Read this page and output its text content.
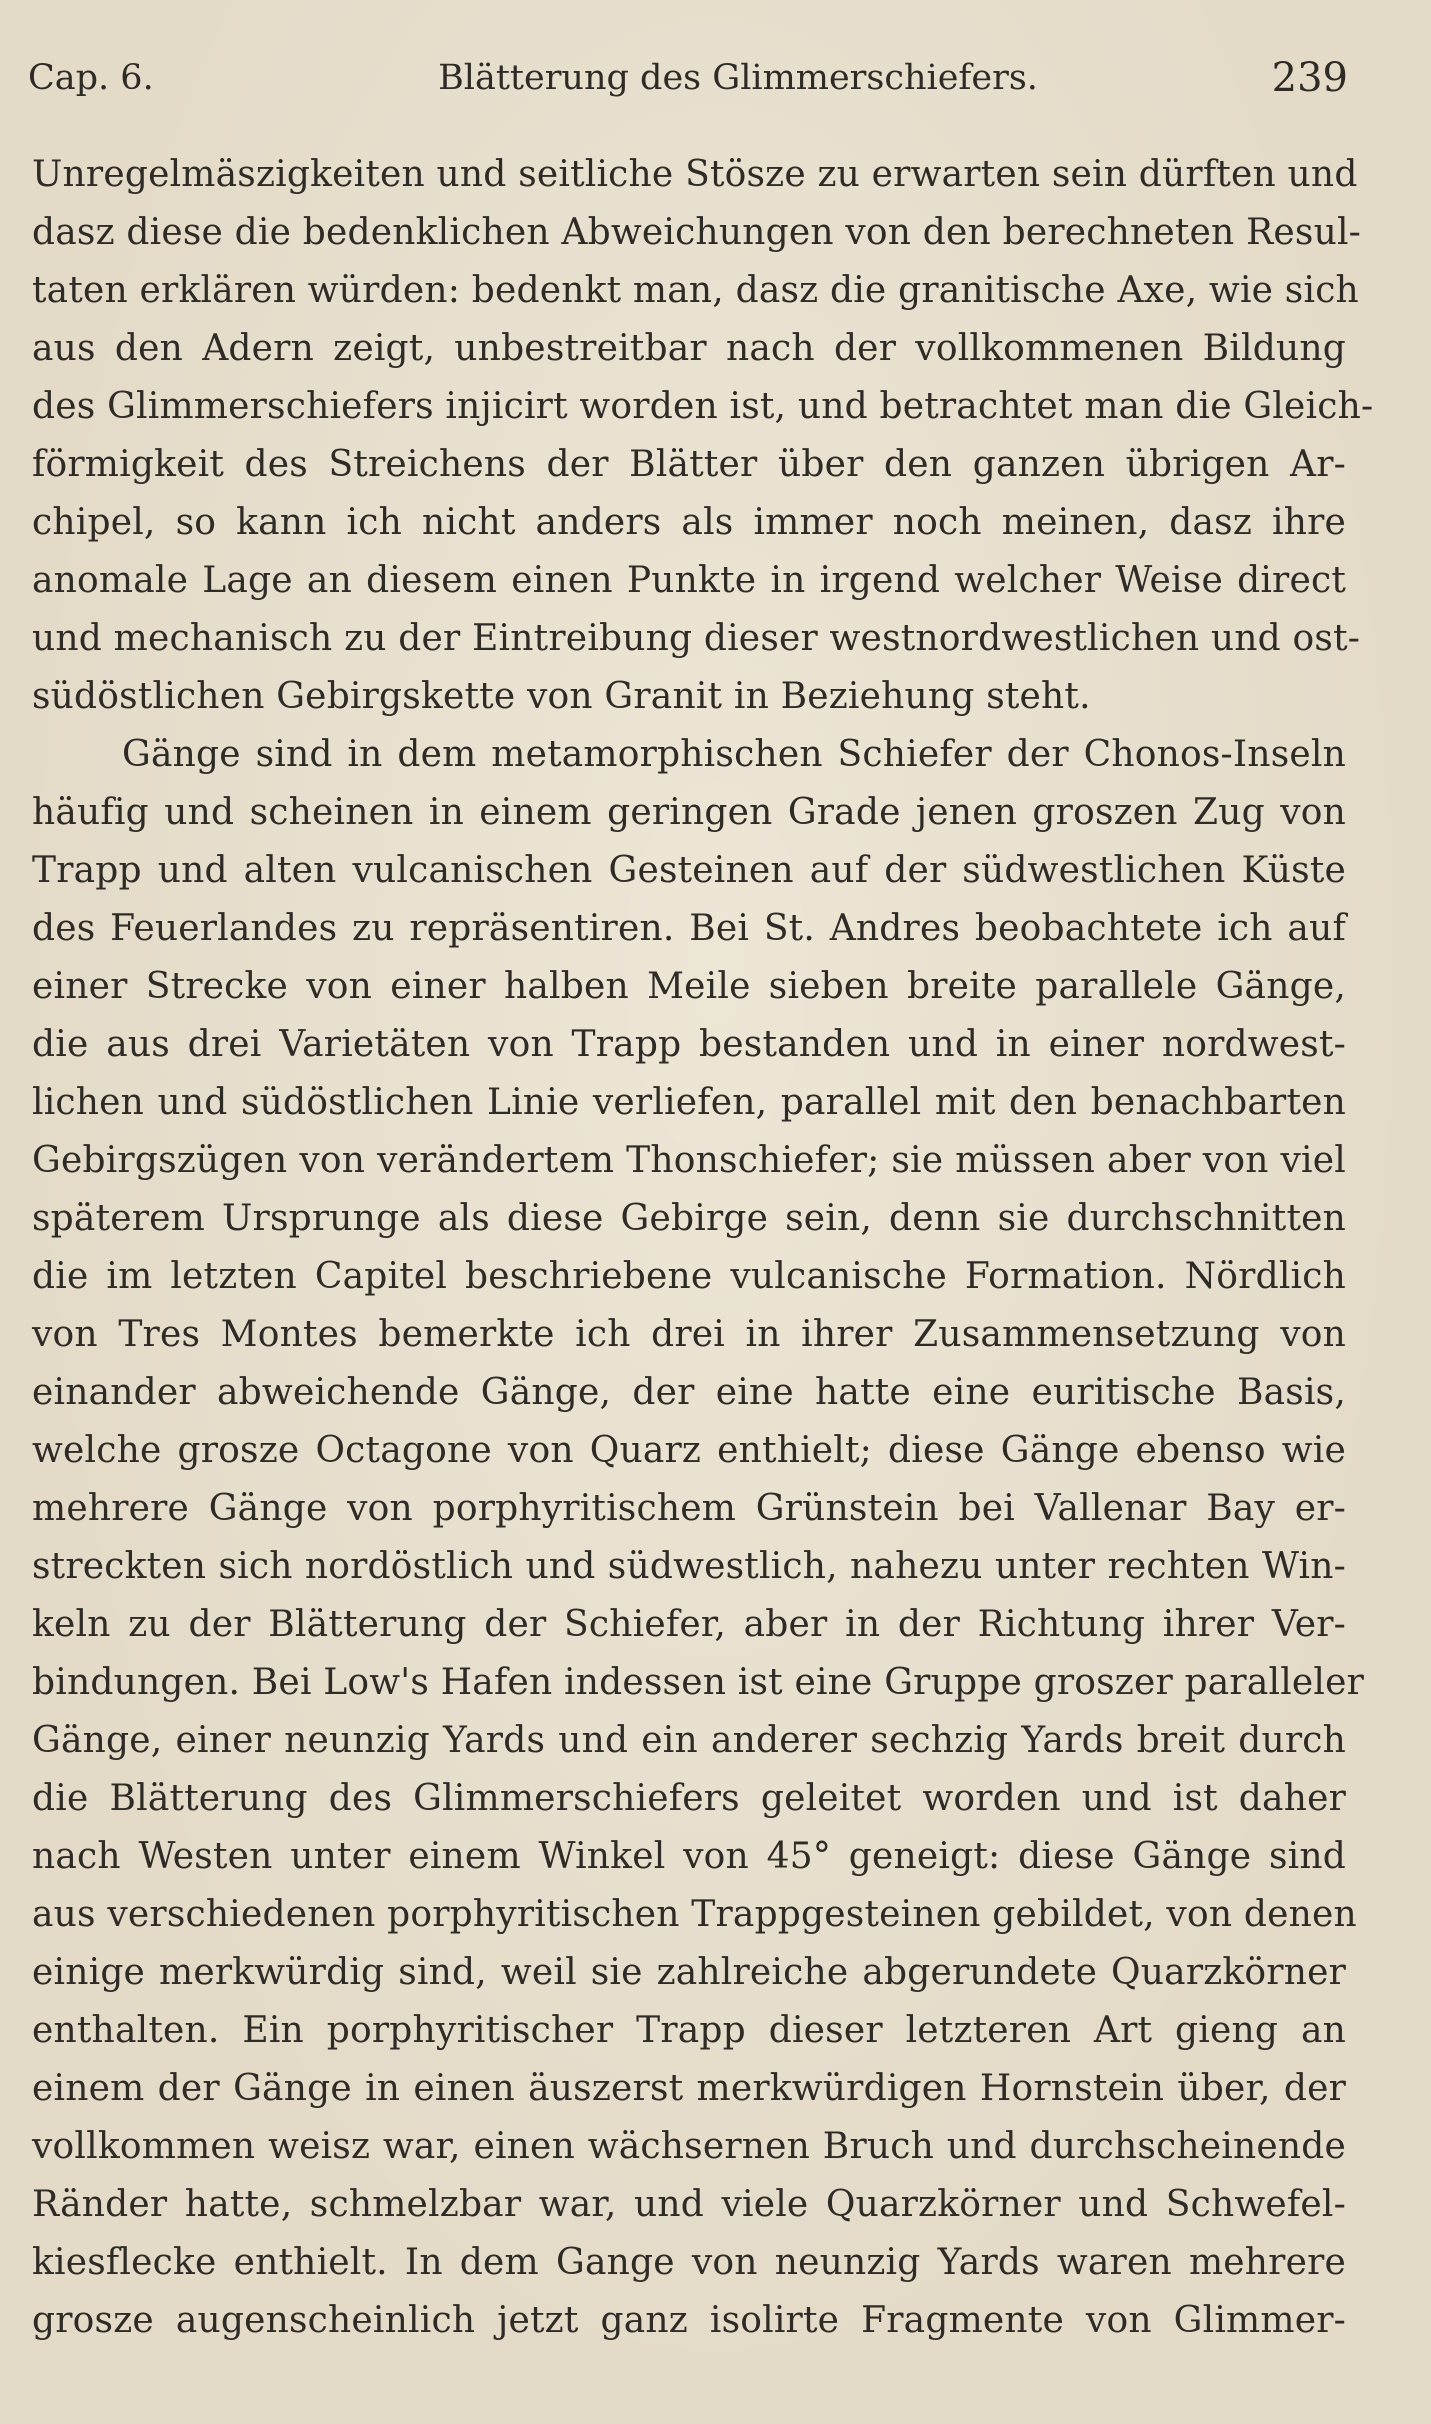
Cap. 6.	Blätterung des Glimmerschiefers.	239
Unregelmäszigkeiten und seitliche Stösze zu erwarten sein dürften und
dasz diese die bedenklichen Abweichungen von den berechneten Resul-
taten erklären würden: bedenkt man, dasz die granitische Axe, wie sich
aus den Adern zeigt, unbestreitbar nach der vollkommenen Bildung
des Glimmerschiefers injicirt worden ist, und betrachtet man die Gleich-
förmigkeit des Streichens der Blätter über den ganzen übrigen Ar-
chipel, so kann ich nicht anders als immer noch meinen, dasz ihre
anomale Lage an diesem einen Punkte in irgend welcher Weise direct
und mechanisch zu der Eintreibung dieser westnordwestlichen und ost-
südöstlichen Gebirgskette von Granit in Beziehung steht.
Gänge sind in dem metamorphischen Schiefer der Chonos-Inseln
häufig und scheinen in einem geringen Grade jenen groszen Zug von
Trapp und alten vulcanischen Gesteinen auf der südwestlichen Küste
des Feuerlandes zu repräsentiren. Bei St. Andres beobachtete ich auf
einer Strecke von einer halben Meile sieben breite parallele Gänge,
die aus drei Varietäten von Trapp bestanden und in einer nordwest-
lichen und südöstlichen Linie verliefen, parallel mit den benachbarten
Gebirgszügen von verändertem Thonschiefer; sie müssen aber von viel
späterem Ursprunge als diese Gebirge sein, denn sie durchschnitten
die im letzten Capitel beschriebene vulcanische Formation. Nördlich
von Tres Montes bemerkte ich drei in ihrer Zusammensetzung von
einander abweichende Gänge, der eine hatte eine euritische Basis,
welche grosze Octagone von Quarz enthielt; diese Gänge ebenso wie
mehrere Gänge von porphyritischem Grünstein bei Vallenar Bay er-
streckten sich nordöstlich und südwestlich, nahezu unter rechten Win-
keln zu der Blätterung der Schiefer, aber in der Richtung ihrer Ver-
bindungen. Bei Low's Hafen indessen ist eine Gruppe groszer paralleler
Gänge, einer neunzig Yards und ein anderer sechzig Yards breit durch
die Blätterung des Glimmerschiefers geleitet worden und ist daher
nach Westen unter einem Winkel von 45° geneigt: diese Gänge sind
aus verschiedenen porphyritischen Trappgesteinen gebildet, von denen
einige merkwürdig sind, weil sie zahlreiche abgerundete Quarzkörner
enthalten. Ein porphyritischer Trapp dieser letzteren Art gieng an
einem der Gänge in einen äuszerst merkwürdigen Hornstein über, der
vollkommen weisz war, einen wächsernen Bruch und durchscheinende
Ränder hatte, schmelzbar war, und viele Quarzkörner und Schwefel-
kiesflecke enthielt. In dem Gange von neunzig Yards waren mehrere
grosze augenscheinlich jetzt ganz isolirte Fragmente von Glimmer-
